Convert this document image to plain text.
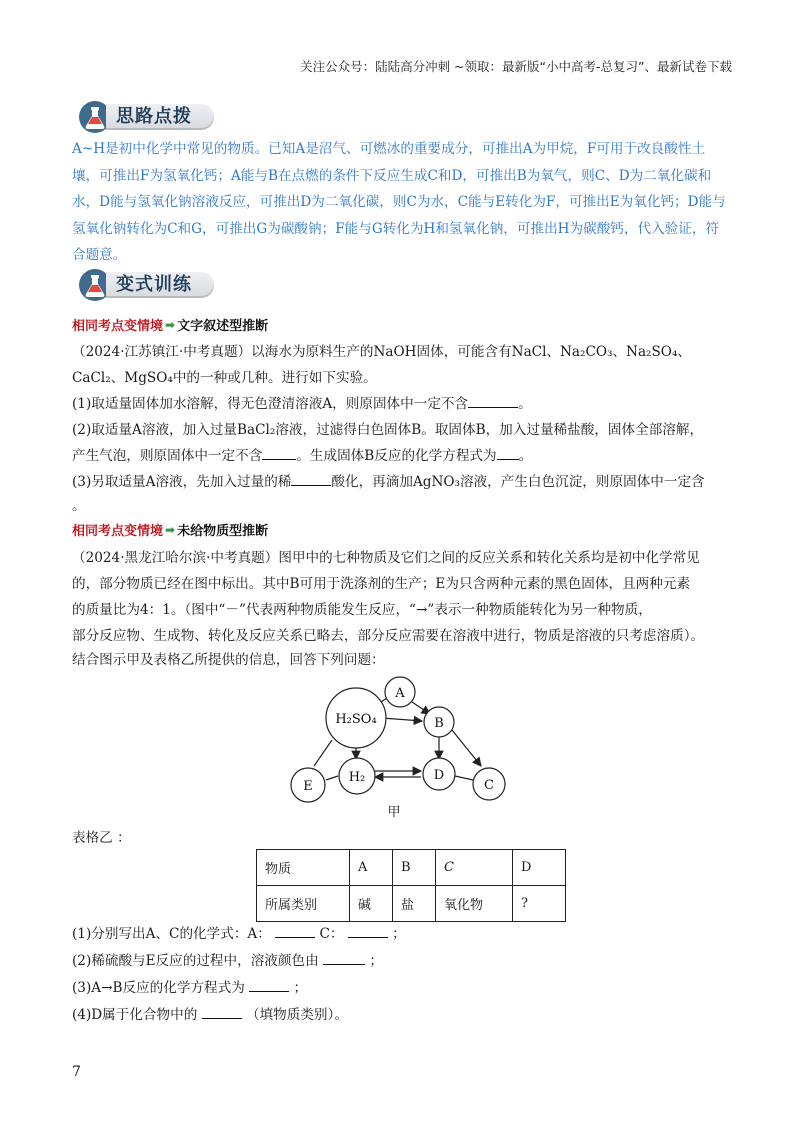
关注公众号：陆陆高分冲刺 ~领取：最新版“小中高考-总复习”、最新试卷下载
思路点拨
A~H是初中化学中常见的物质。已知A是沼气、可燃冰的重要成分，可推出A为甲烷，F可用于改良酸性土壤，可推出F为氢氧化钙；A能与B在点燃的条件下反应生成C和D，可推出B为氧气，则C、D为二氧化碳和水，D能与氢氧化钠溶液反应，可推出D为二氧化碳，则C为水，C能与E转化为F，可推出E为氧化钙；D能与氢氧化钠转化为C和G，可推出G为碳酸钠；F能与G转化为H和氢氧化钠，可推出H为碳酸钙，代入验证，符合题意。
变式训练
相同考点变情境 ➡ 文字叙述型推断
（2024·江苏镇江·中考真题）以海水为原料生产的NaOH固体，可能含有NaCl、Na₂CO₃、Na₂SO₄、
CaCl₂、MgSO₄中的一种或几种。进行如下实验。
(1)取适量固体加水溶解，得无色澄清溶液A，则原固体中一定不含	。
(2)取适量A溶液，加入过量BaCl₂溶液，过滤得白色固体B。取固体B，加入过量稀盐酸，固体全部溶解，
产生气泡，则原固体中一定不含	。生成固体B反应的化学方程式为 。
(3)另取适量A溶液，先加入过量的稀	酸化，再滴加AgNO₃溶液，产生白色沉淀，则原固体中一定含
。
相同考点变情境 ➡ 未给物质型推断
（2024·黑龙江哈尔滨·中考真题）图甲中的七种物质及它们之间的反应关系和转化关系均是初中化学常见
的，部分物质已经在图中标出。其中B可用于洗涤剂的生产；E为只含两种元素的黑色固体，且两种元素
的质量比为4：1。（图中“－”代表两种物质能发生反应，“→”表示一种物质能转化为另一种物质，
部分反应物、生成物、转化及反应关系已略去，部分反应需要在溶液中进行，物质是溶液的只考虑溶质）。
结合图示甲及表格乙所提供的信息，回答下列问题：
H₂SO₄
A
B
H₂	D
E	C
甲
表格乙 ：
物质	A	B	C	D
所属类别	碱	盐	氧化物	?
(1)分别写出A、C的化学式：A：	C：	；
(2)稀硫酸与E反应的过程中，溶液颜色由	；
(3)A→B反应的化学方程式为	；
(4)D属于化合物中的	（填物质类别）。
7
